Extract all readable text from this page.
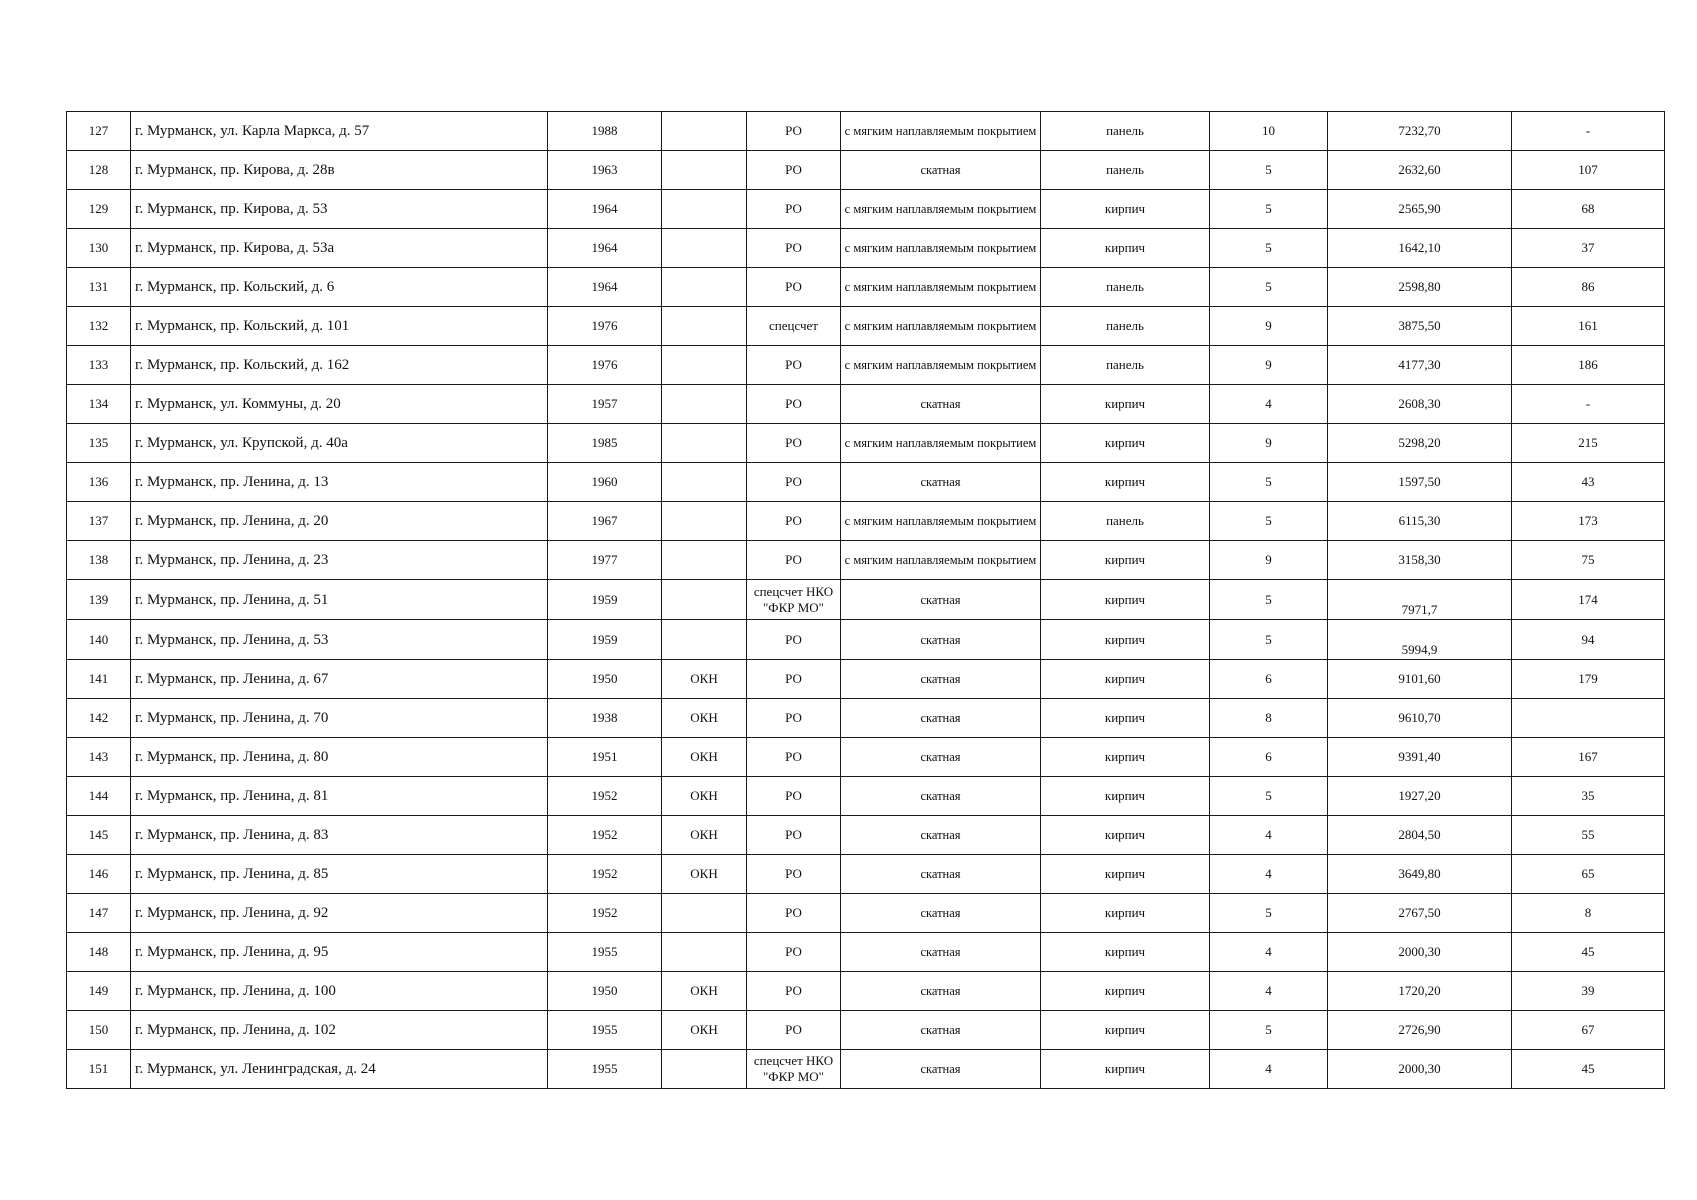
127	г. Мурманск, ул. Карла Маркса, д. 57	1988		РО	с мягким наплавляемым покрытием	панель	10	7232,70	-
128	г. Мурманск, пр. Кирова, д. 28в	1963		РО	скатная	панель	5	2632,60	107
129	г. Мурманск, пр. Кирова, д. 53	1964		РО	с мягким наплавляемым покрытием	кирпич	5	2565,90	68
130	г. Мурманск, пр. Кирова, д. 53а	1964		РО	с мягким наплавляемым покрытием	кирпич	5	1642,10	37
131	г. Мурманск, пр. Кольский, д. 6	1964		РО	с мягким наплавляемым покрытием	панель	5	2598,80	86
132	г. Мурманск, пр. Кольский, д. 101	1976		спецсчет	с мягким наплавляемым покрытием	панель	9	3875,50	161
133	г. Мурманск, пр. Кольский, д. 162	1976		РО	с мягким наплавляемым покрытием	панель	9	4177,30	186
134	г. Мурманск, ул. Коммуны, д. 20	1957		РО	скатная	кирпич	4	2608,30	-
135	г. Мурманск, ул. Крупской, д. 40а	1985		РО	с мягким наплавляемым покрытием	кирпич	9	5298,20	215
136	г. Мурманск, пр. Ленина, д. 13	1960		РО	скатная	кирпич	5	1597,50	43
137	г. Мурманск, пр. Ленина, д. 20	1967		РО	с мягким наплавляемым покрытием	панель	5	6115,30	173
138	г. Мурманск, пр. Ленина, д. 23	1977		РО	с мягким наплавляемым покрытием	кирпич	9	3158,30	75
139	г. Мурманск, пр. Ленина, д. 51	1959		спецсчет НКО "ФКР МО"	скатная	кирпич	5	7971,7	174
140	г. Мурманск, пр. Ленина, д. 53	1959		РО	скатная	кирпич	5	5994,9	94
141	г. Мурманск, пр. Ленина, д. 67	1950	ОКН	РО	скатная	кирпич	6	9101,60	179
142	г. Мурманск, пр. Ленина, д. 70	1938	ОКН	РО	скатная	кирпич	8	9610,70	
143	г. Мурманск, пр. Ленина, д. 80	1951	ОКН	РО	скатная	кирпич	6	9391,40	167
144	г. Мурманск, пр. Ленина, д. 81	1952	ОКН	РО	скатная	кирпич	5	1927,20	35
145	г. Мурманск, пр. Ленина, д. 83	1952	ОКН	РО	скатная	кирпич	4	2804,50	55
146	г. Мурманск, пр. Ленина, д. 85	1952	ОКН	РО	скатная	кирпич	4	3649,80	65
147	г. Мурманск, пр. Ленина, д. 92	1952		РО	скатная	кирпич	5	2767,50	8
148	г. Мурманск, пр. Ленина, д. 95	1955		РО	скатная	кирпич	4	2000,30	45
149	г. Мурманск, пр. Ленина, д. 100	1950	ОКН	РО	скатная	кирпич	4	1720,20	39
150	г. Мурманск, пр. Ленина, д. 102	1955	ОКН	РО	скатная	кирпич	5	2726,90	67
151	г. Мурманск, ул. Ленинградская, д. 24	1955		спецсчет НКО "ФКР МО"	скатная	кирпич	4	2000,30	45
